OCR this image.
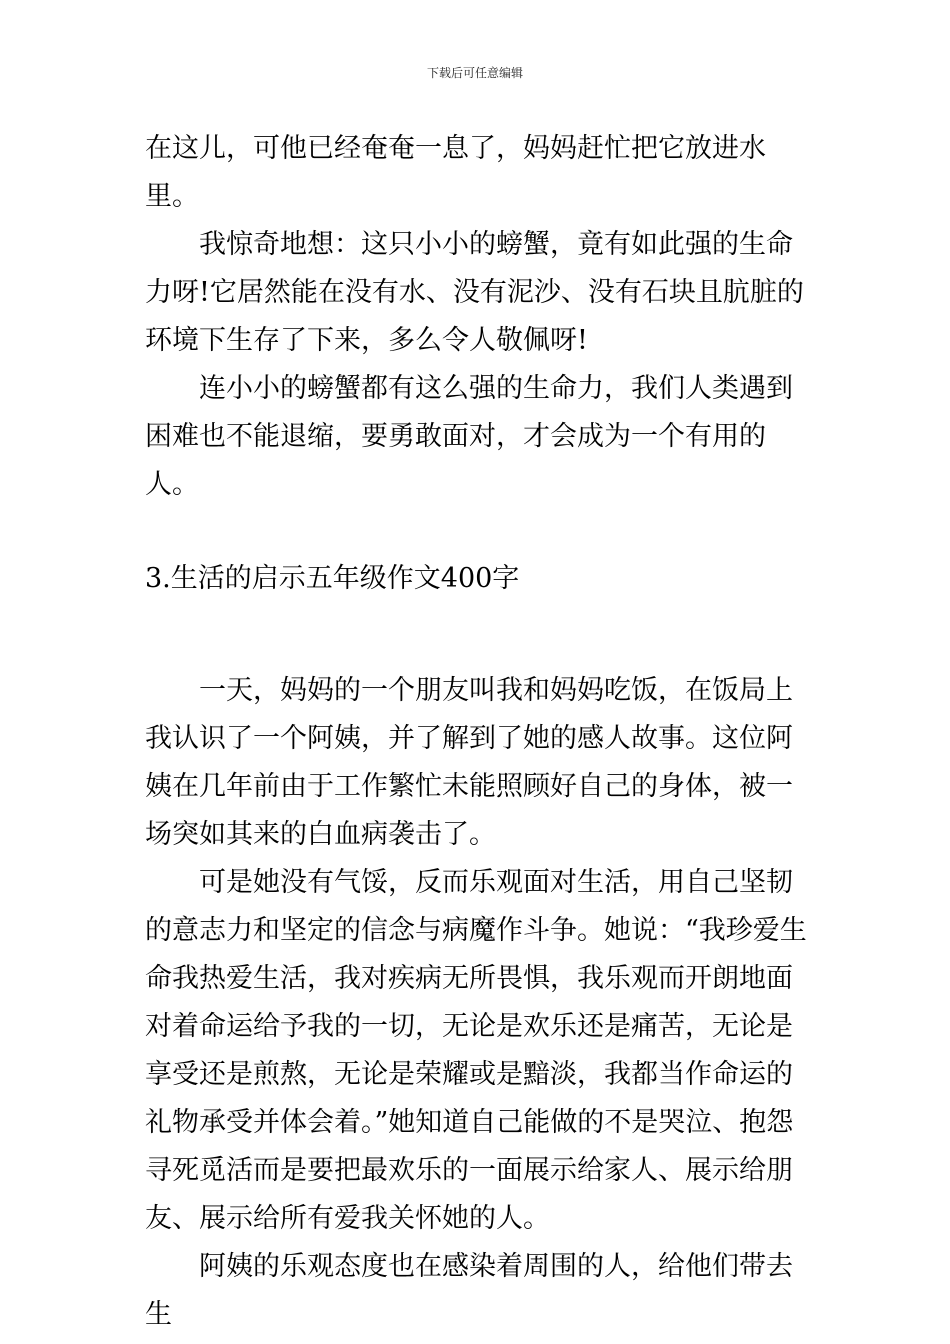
下载后可任意编辑

在这儿，可他已经奄奄一息了，妈妈赶忙把它放进水里。

我惊奇地想：这只小小的螃蟹，竟有如此强的生命力呀!它居然能在没有水、没有泥沙、没有石块且肮脏的环境下生存了下来，多么令人敬佩呀!

连小小的螃蟹都有这么强的生命力，我们人类遇到困难也不能退缩，要勇敢面对，才会成为一个有用的人。

3.生活的启示五年级作文400字

一天，妈妈的一个朋友叫我和妈妈吃饭，在饭局上我认识了一个阿姨，并了解到了她的感人故事。这位阿姨在几年前由于工作繁忙未能照顾好自己的身体，被一场突如其来的白血病袭击了。

可是她没有气馁，反而乐观面对生活，用自己坚韧的意志力和坚定的信念与病魔作斗争。她说：“我珍爱生命我热爱生活，我对疾病无所畏惧，我乐观而开朗地面对着命运给予我的一切，无论是欢乐还是痛苦，无论是享受还是煎熬，无论是荣耀或是黯淡，我都当作命运的礼物承受并体会着。”她知道自己能做的不是哭泣、抱怨寻死觅活而是要把最欢乐的一面展示给家人、展示给朋友、展示给所有爱我关怀她的人。

阿姨的乐观态度也在感染着周围的人，给他们带去生
